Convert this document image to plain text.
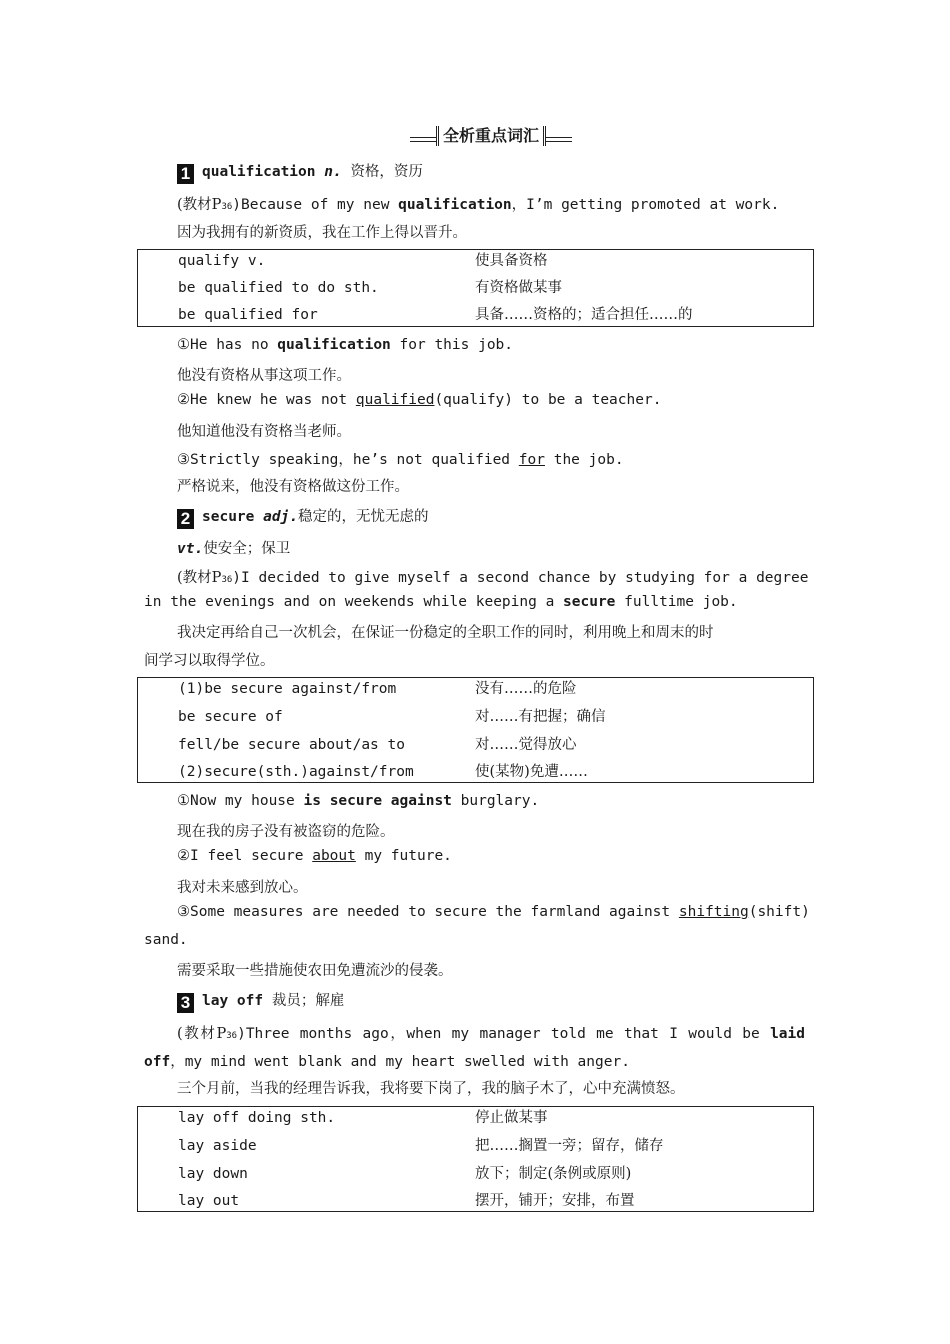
全析重点词汇
1 qualification n. 资格，资历
(教材P36)Because of my new qualification，I’m getting promoted at work.
因为我拥有的新资质，我在工作上得以晋升。
qualify v.	使具备资格
be qualified to do sth.	有资格做某事
be qualified for	具备……资格的；适合担任……的
①He has no qualification for this job.
他没有资格从事这项工作。
②He knew he was not qualified(qualify) to be a teacher.
他知道他没有资格当老师。
③Strictly speaking，he’s not qualified for the job.
严格说来，他没有资格做这份工作。
2 secure adj.稳定的，无忧无虑的
vt.使安全；保卫
(教材P36)I decided to give myself a second chance by studying for a degree
in the evenings and on weekends while keeping a secure fulltime job.
我决定再给自己一次机会，在保证一份稳定的全职工作的同时，利用晚上和周末的时
间学习以取得学位。
(1)be secure against/from	没有……的危险
be secure of	对……有把握；确信
fell/be secure about/as to	对……觉得放心
(2)secure(sth.)against/from	使(某物)免遭……
①Now my house is secure against burglary.
现在我的房子没有被盗窃的危险。
②I feel secure about my future.
我对未来感到放心。
③Some measures are needed to secure the farmland against shifting(shift)
sand.
需要采取一些措施使农田免遭流沙的侵袭。
3 lay off 裁员；解雇
(教材P36)Three months ago，when my manager told me that I would be laid
off，my mind went blank and my heart swelled with anger.
三个月前，当我的经理告诉我，我将要下岗了，我的脑子木了，心中充满愤怒。
lay off doing sth.	停止做某事
lay aside	把……搁置一旁；留存，储存
lay down	放下；制定(条例或原则)
lay out	摆开，铺开；安排，布置
